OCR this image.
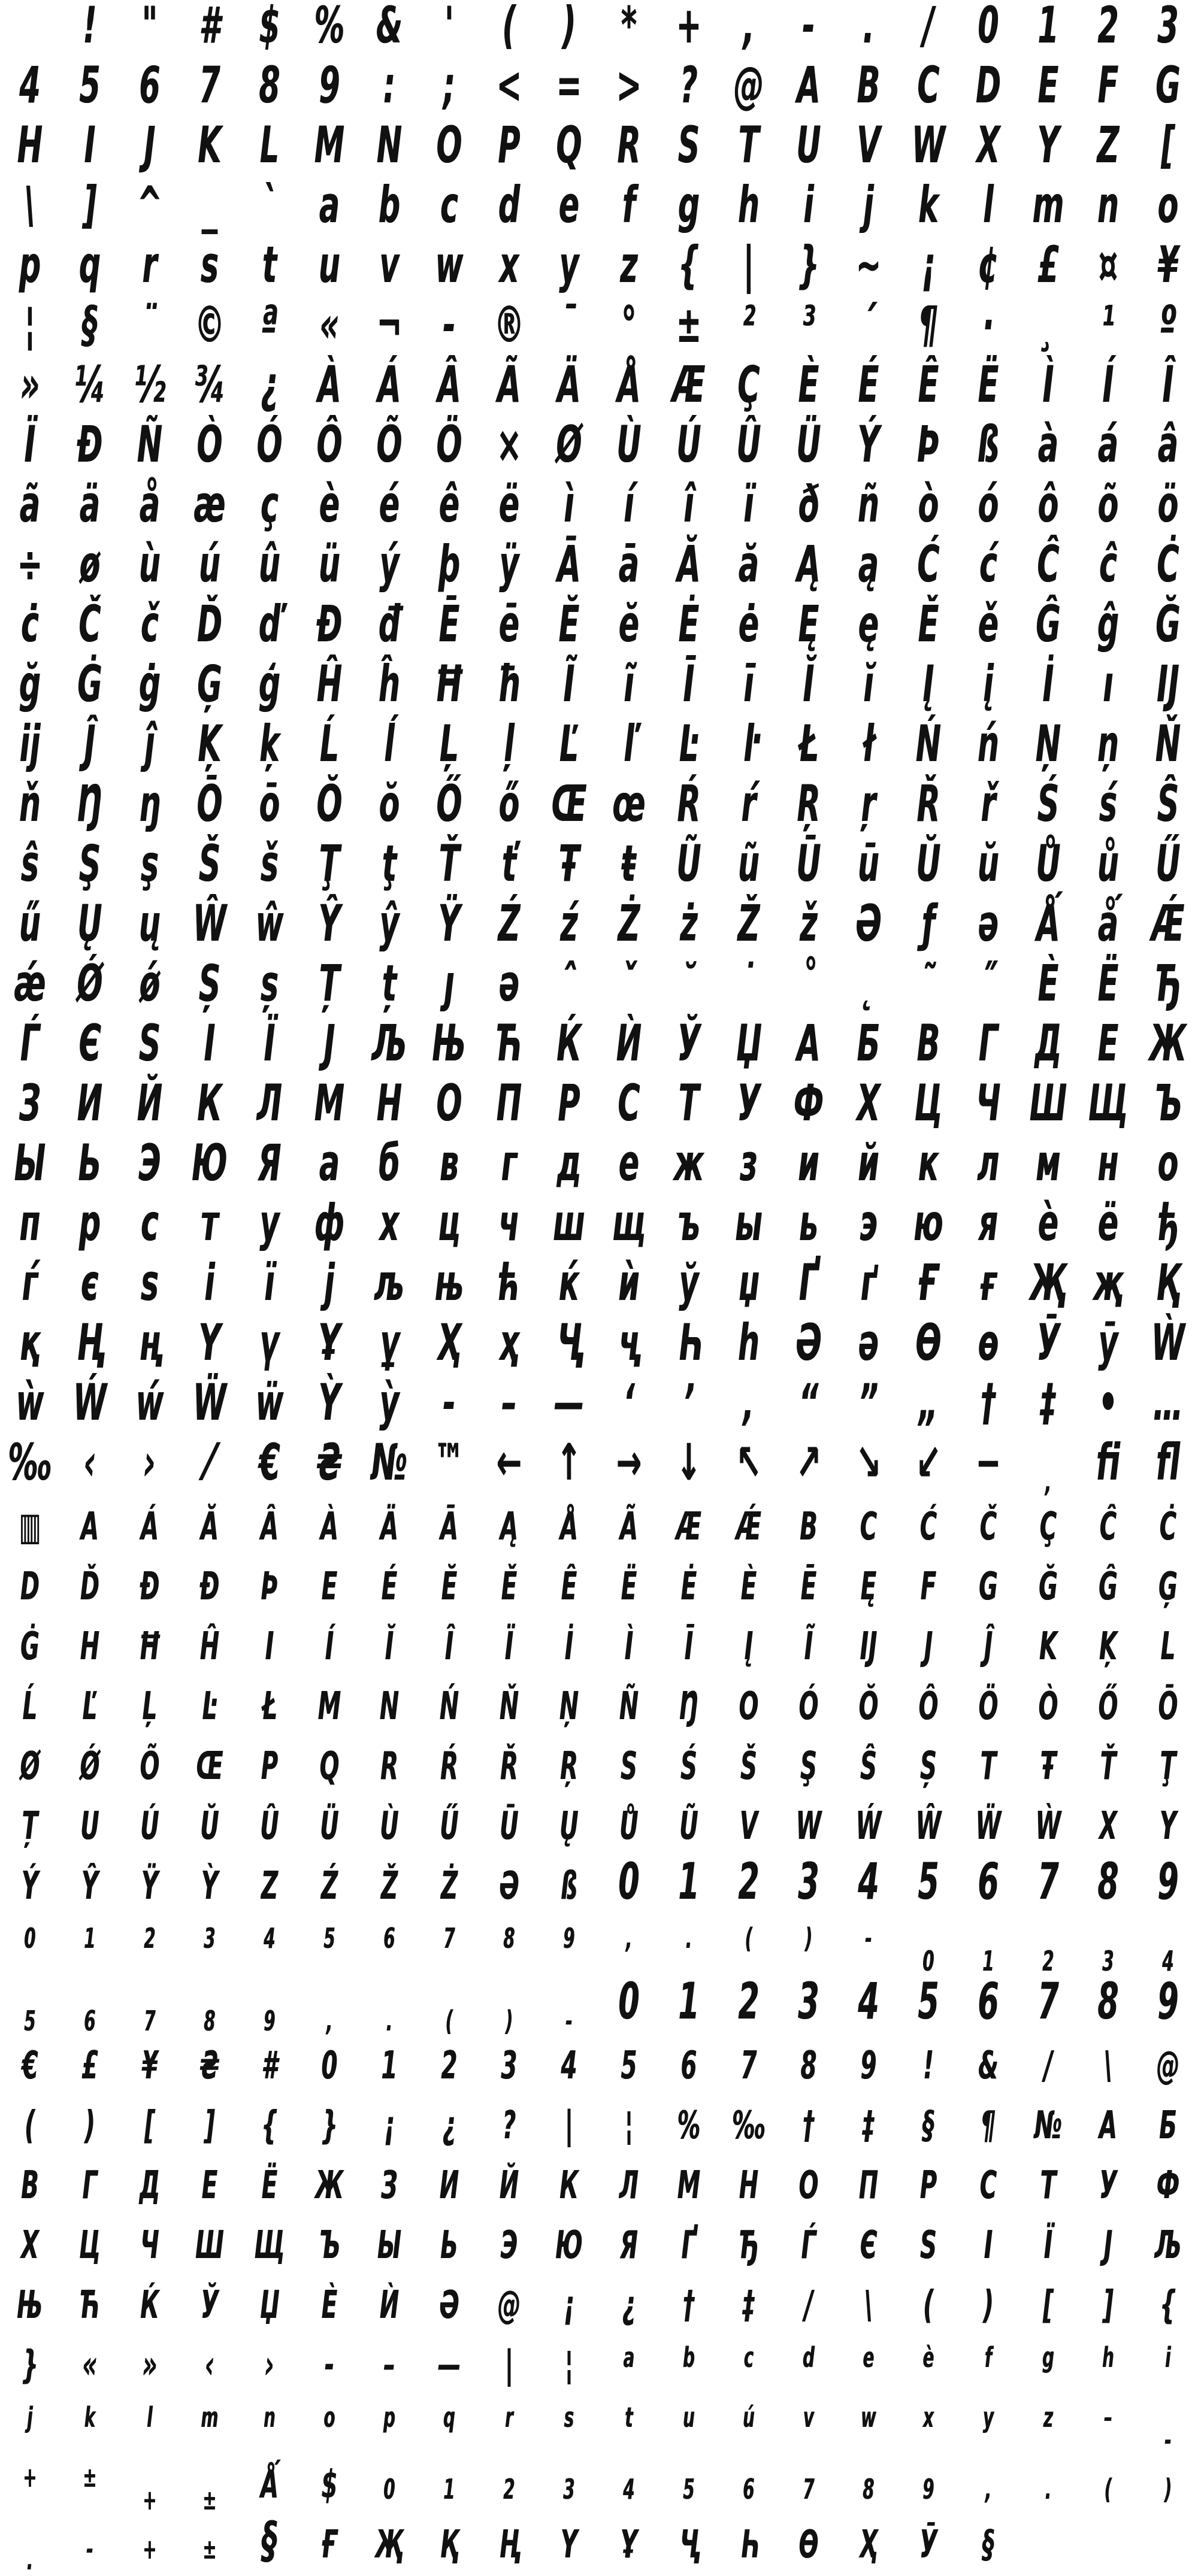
! " # $ % & ' ( ) * + , - . / 0 1 2 3
4 5 6 7 8 9 : ; < = > ? @ A B C D E F G
H I J K L M N O P Q R S T U V W X Y Z [
\ ] ^ _ ` a b c d e f g h i j k l m n o
p q r s t u v w x y z { | } ~ ¡ ¢ £ ¤ ¥
¦ § ¨ © ª « ¬ - ® ¯ ° ± ² ³ ´ ¶ · ¸ ¹ º
» ¼ ½ ¾ ¿ À Á Â Ã Ä Å Æ Ç È É Ê Ë Ì Í Î
Ï Ð Ñ Ò Ó Ô Õ Ö × Ø Ù Ú Û Ü Ý Þ ß à á â
ã ä å æ ç è é ê ë ì í î ï ð ñ ò ó ô õ ö
÷ ø ù ú û ü ý þ ÿ Ā ā Ă ă Ą ą Ć ć Ĉ ĉ Ċ
ċ Č č Ď ď Đ đ Ē ē Ĕ ĕ Ė ė Ę ę Ě ě Ĝ ĝ Ğ
ğ Ġ ġ Ģ ģ Ĥ ĥ Ħ ħ Ĩ ĩ Ī ī Ĭ ĭ Į į İ ı Ĳ
ĳ Ĵ ĵ Ķ ķ Ĺ ĺ Ļ ļ Ľ ľ Ŀ ŀ Ł ł Ń ń Ņ ņ Ň
ň Ŋ ŋ Ō ō Ŏ ŏ Ő ő Œ œ Ŕ ŕ Ŗ ŗ Ř ř Ś ś Ŝ
ŝ Ş ş Š š Ţ ţ Ť ť Ŧ ŧ Ũ ũ Ū ū Ŭ ŭ Ů ů Ű
ű Ų ų Ŵ ŵ Ŷ ŷ Ÿ Ź ź Ż ż Ž ž Ə ƒ ə Ǻ ǻ Ǽ
ǽ Ǿ ǿ Ș ș Ț ț ȷ ə ˆ ˇ ˘ ˙ ˚ ˛ ˜ ˝ Ѐ Ё Ђ
Ѓ Є Ѕ І Ї Ј Љ Њ Ћ Ќ Ѝ Ў Џ А Б В Г Д Е Ж
З И Й К Л М Н О П Р С Т У Ф Х Ц Ч Ш Щ Ъ
Ы Ь Э Ю Я а б в г д е ж з и й к л м н о
п р с т у ф х ц ч ш щ ъ ы ь э ю я ѐ ё ђ
ѓ є ѕ і ї ј љ њ ћ ќ ѝ ў џ Ґ ґ Ғ ғ Җ җ Қ
қ Ң ң Ү ү Ұ ұ Ҳ ҳ Ҷ ҷ Һ һ Ә ә Ө ө Ӯ ӯ Ẁ
ẁ Ẃ ẃ Ẅ ẅ Ỳ ỳ ‐ – — ‘ ’ ‚ “ ” „ † ‡ • …
‰ ‹ › ⁄ € ₴ № ™ ← ↑ → ↓ ↖ ↗ ↘ ↙ − , ﬁ ﬂ
▥ A Á Ă Â À Ä Ā Ą Å Ã Æ Ǽ B C Ć Č Ç Ĉ Ċ
D Ď Đ Ð Þ E É Ĕ Ě Ê Ë Ė È Ē Ę F G Ğ Ĝ Ģ
Ġ H Ħ Ĥ I Í Ĭ Î Ï İ Ì Ī Į Ĩ Ĳ J Ĵ K Ķ L
Ĺ Ľ Ļ Ŀ Ł M N Ń Ň Ņ Ñ Ŋ O Ó Ŏ Ô Ö Ò Ő Ō
Ø Ǿ Õ Œ P Q R Ŕ Ř Ŗ S Ś Š Ş Ŝ Ș T Ŧ Ť Ţ
Ț U Ú Ŭ Û Ü Ù Ű Ū Ų Ů Ũ V W Ẃ Ŵ Ẅ Ẁ X Y
Ý Ŷ Ÿ Ỳ Z Ź Ž Ż Ə ß 0 1 2 3 4 5 6 7 8 9
0 1 2 3 4 5 6 7 8 9 , . ( ) -
0 1 2 3 4
5 6 7 8 9 , . ( ) - 0 1 2 3 4 5 6 7 8 9
€ £ ¥ ₴ # 0 1 2 3 4 5 6 7 8 9 ! & / \ @
( ) [ ] { } ¡ ¿ ? | ¦ % ‰ † ‡ § ¶ № А Б
В Г Д Е Ё Ж З И Й К Л М Н О П Р С Т У Ф
Х Ц Ч Ш Щ Ъ Ы Ь Э Ю Я Ґ Ђ Ѓ Є Ѕ І Ї Ј Љ
Њ Ћ Ќ Ў Џ Ѐ Ѝ Ә @ ¡ ¿ † ‡ / \ ( ) [ ] {
} « » ‹ › - – — | ¦ a b c d e è f g h i
j k l m n o p q r s t u ú v w x y z –
-
+ ±
+ ± Ǻ $ 0 1 2 3 4 5 6 7 8 9 , . ( )
. - + ± § Ғ Җ Қ Ң Ү Ұ Ҷ Һ Ө Ҳ Ӯ §
